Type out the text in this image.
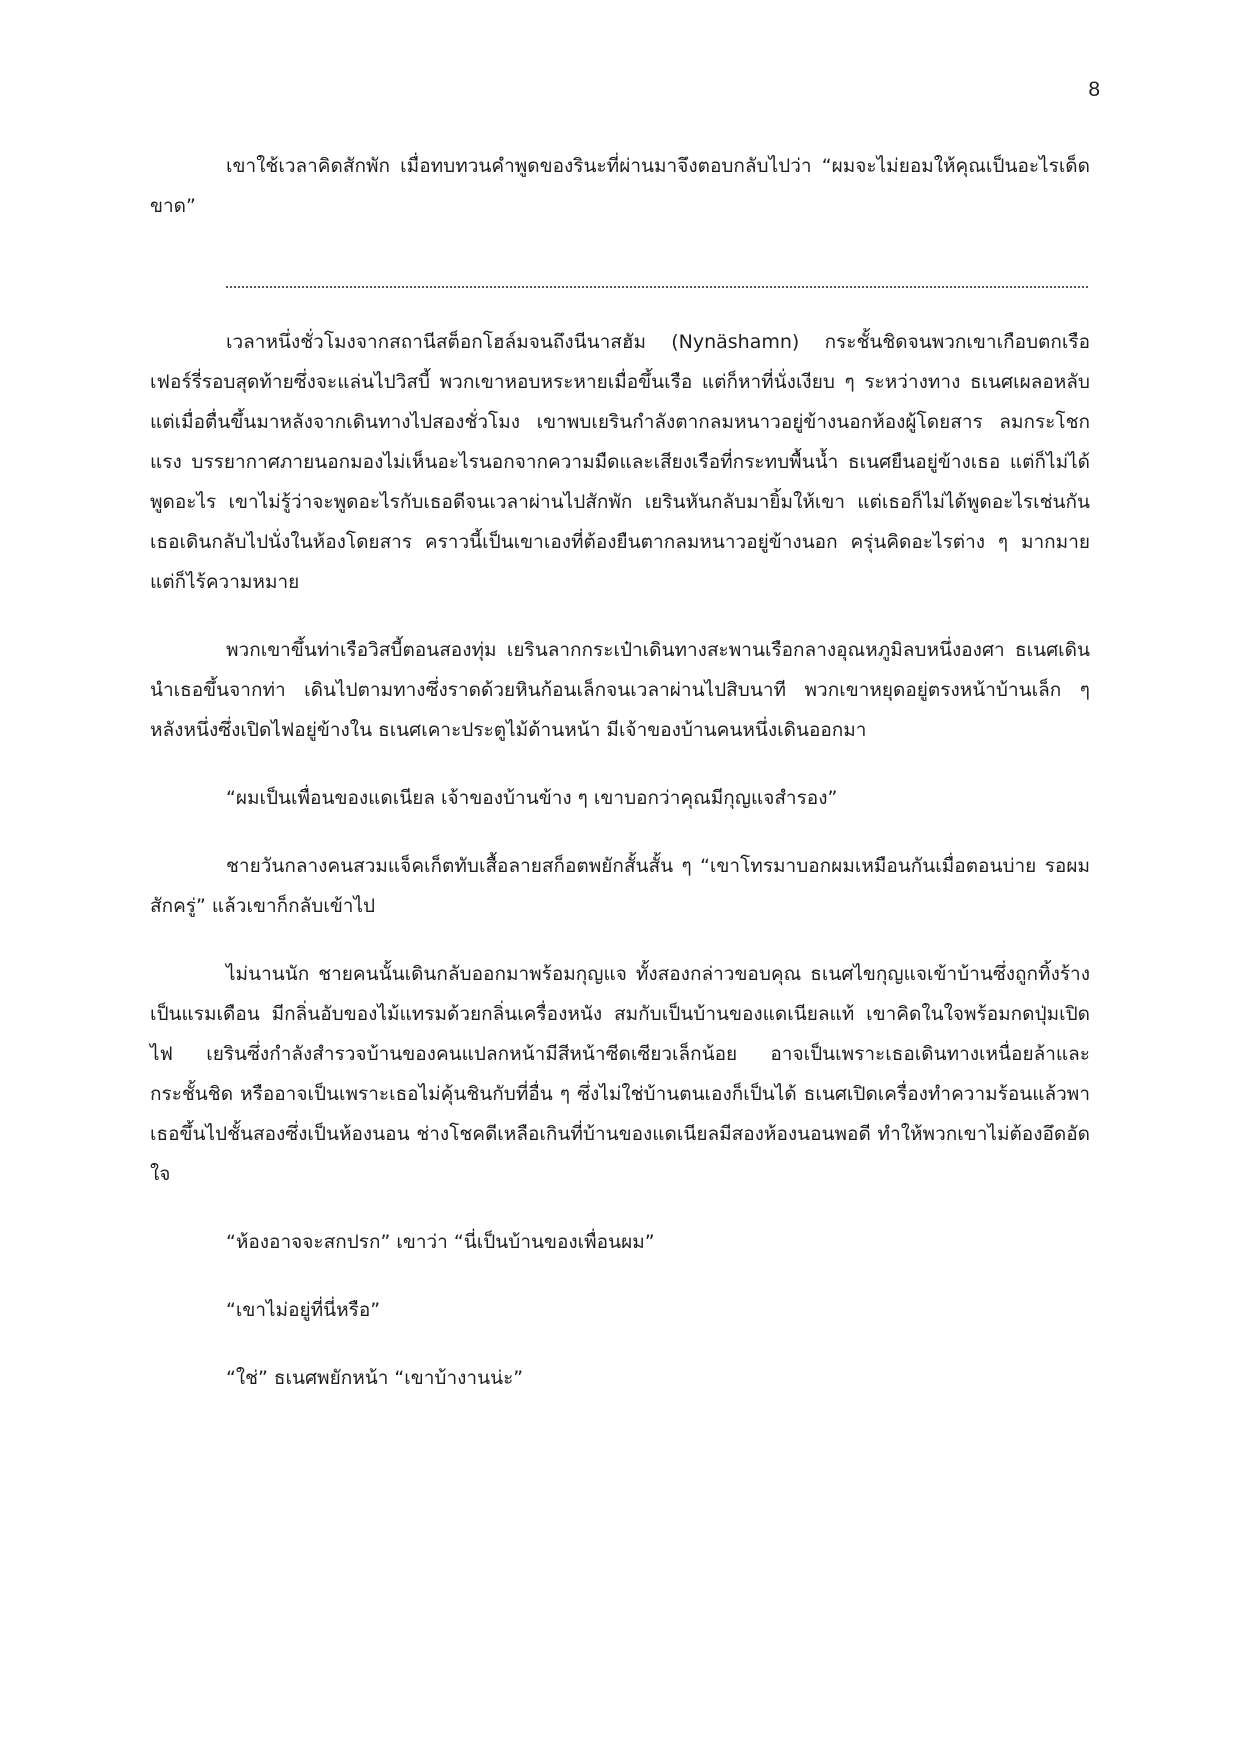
8

เขาใช้เวลาคิดสักพัก เมื่อทบทวนคำพูดของรินะที่ผ่านมาจึงตอบกลับไปว่า “ผมจะไม่ยอมให้คุณเป็นอะไรเด็ดขาด”

เวลาหนึ่งชั่วโมงจากสถานีสต็อกโฮล์มจนถึงนีนาสฮัม (Nynäshamn) กระชั้นชิดจนพวกเขาเกือบตกเรือเฟอร์รี่รอบสุดท้ายซึ่งจะแล่นไปวิสบี้ พวกเขาหอบหระหายเมื่อขึ้นเรือ แต่ก็หาที่นั่งเงียบ ๆ ระหว่างทาง ธเนศเผลอหลับ แต่เมื่อตื่นขึ้นมาหลังจากเดินทางไปสองชั่วโมง เขาพบเยรินกำลังตากลมหนาวอยู่ข้างนอกห้องผู้โดยสาร ลมกระโชกแรง บรรยากาศภายนอกมองไม่เห็นอะไรนอกจากความมืดและเสียงเรือที่กระทบพื้นน้ำ ธเนศยืนอยู่ข้างเธอ แต่ก็ไม่ได้พูดอะไร เขาไม่รู้ว่าจะพูดอะไรกับเธอดีจนเวลาผ่านไปสักพัก เยรินหันกลับมายิ้มให้เขา แต่เธอก็ไม่ได้พูดอะไรเช่นกัน เธอเดินกลับไปนั่งในห้องโดยสาร คราวนี้เป็นเขาเองที่ต้องยืนตากลมหนาวอยู่ข้างนอก ครุ่นคิดอะไรต่าง ๆ มากมาย แต่ก็ไร้ความหมาย

พวกเขาขึ้นท่าเรือวิสบี้ตอนสองทุ่ม เยรินลากกระเป๋าเดินทางสะพานเรือกลางอุณหภูมิลบหนึ่งองศา ธเนศเดินนำเธอขึ้นจากท่า เดินไปตามทางซึ่งราดด้วยหินก้อนเล็กจนเวลาผ่านไปสิบนาที พวกเขาหยุดอยู่ตรงหน้าบ้านเล็ก ๆ หลังหนึ่งซึ่งเปิดไฟอยู่ข้างใน ธเนศเคาะประตูไม้ด้านหน้า มีเจ้าของบ้านคนหนึ่งเดินออกมา

“ผมเป็นเพื่อนของแดเนียล เจ้าของบ้านข้าง ๆ เขาบอกว่าคุณมีกุญแจสำรอง”

ชายวันกลางคนสวมแจ็คเก็ตทับเสื้อลายสก็อตพยักสั้นสั้น ๆ “เขาโทรมาบอกผมเหมือนกันเมื่อตอนบ่าย รอผมสักครู่” แล้วเขาก็กลับเข้าไป

ไม่นานนัก ชายคนนั้นเดินกลับออกมาพร้อมกุญแจ ทั้งสองกล่าวขอบคุณ ธเนศไขกุญแจเข้าบ้านซึ่งถูกทิ้งร้างเป็นแรมเดือน มีกลิ่นอับของไม้แทรมด้วยกลิ่นเครื่องหนัง สมกับเป็นบ้านของแดเนียลแท้ เขาคิดในใจพร้อมกดปุ่มเปิดไฟ เยรินซึ่งกำลังสำรวจบ้านของคนแปลกหน้ามีสีหน้าซีดเซียวเล็กน้อย อาจเป็นเพราะเธอเดินทางเหนื่อยล้าและกระชั้นชิด หรืออาจเป็นเพราะเธอไม่คุ้นชินกับที่อื่น ๆ ซึ่งไม่ใช่บ้านตนเองก็เป็นได้ ธเนศเปิดเครื่องทำความร้อนแล้วพาเธอขึ้นไปชั้นสองซึ่งเป็นห้องนอน ช่างโชคดีเหลือเกินที่บ้านของแดเนียลมีสองห้องนอนพอดี ทำให้พวกเขาไม่ต้องอึดอัดใจ

“ห้องอาจจะสกปรก” เขาว่า “นี่เป็นบ้านของเพื่อนผม”

“เขาไม่อยู่ที่นี่หรือ”

“ใช่” ธเนศพยักหน้า “เขาบ้างานน่ะ”
